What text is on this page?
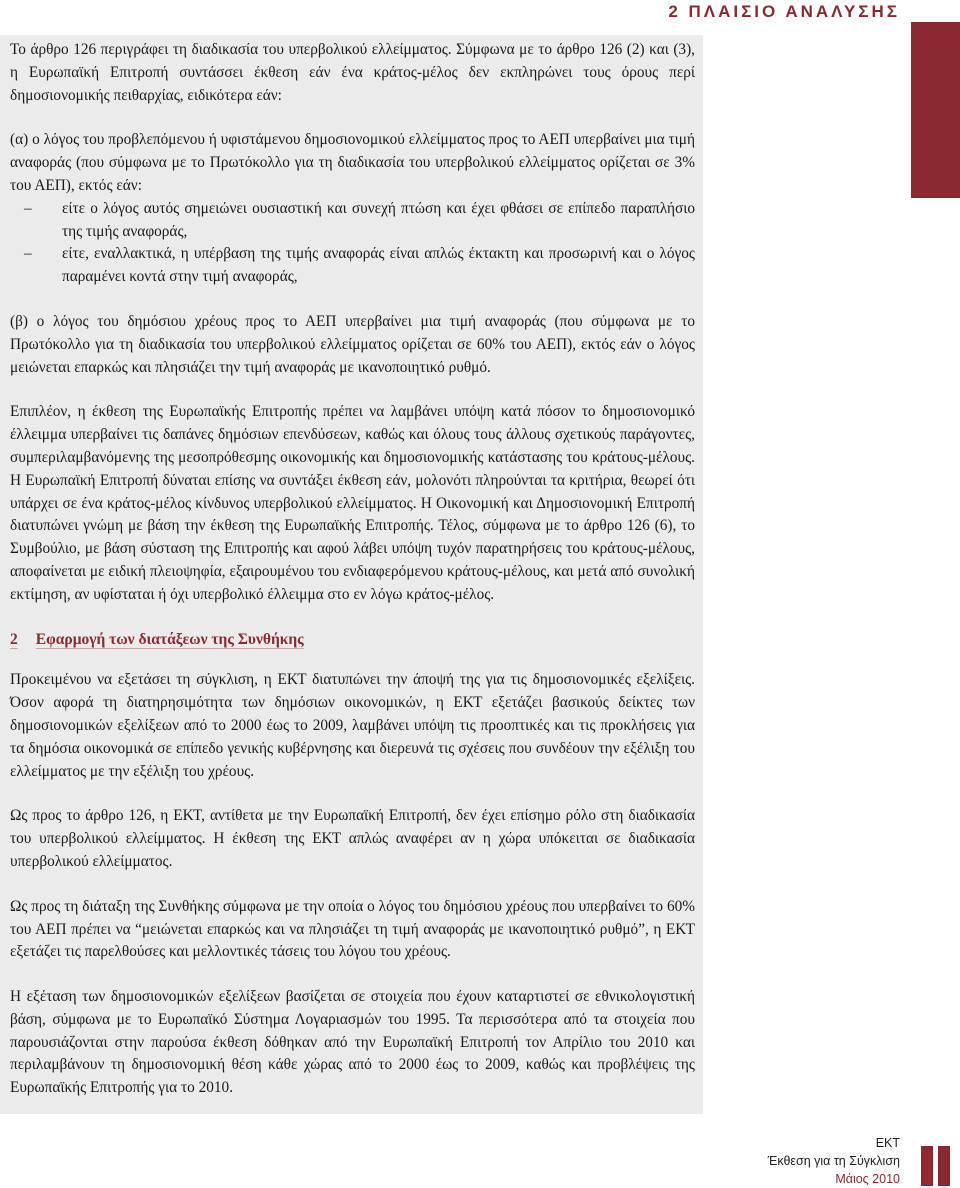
2 ΠΛΑΙΣΙΟ ΑΝΑΛΥΣΗΣ

Το άρθρο 126 περιγράφει τη διαδικασία του υπερβολικού ελλείμματος. Σύμφωνα με το άρθρο 126 (2) και (3), η Ευρωπαϊκή Επιτροπή συντάσσει έκθεση εάν ένα κράτος-μέλος δεν εκπληρώνει τους όρους περί δημοσιονομικής πειθαρχίας, ειδικότερα εάν:

(α) ο λόγος του προβλεπόμενου ή υφιστάμενου δημοσιονομικού ελλείμματος προς το ΑΕΠ υπερβαίνει μια τιμή αναφοράς (που σύμφωνα με το Πρωτόκολλο για τη διαδικασία του υπερβολικού ελλείμματος ορίζεται σε 3% του ΑΕΠ), εκτός εάν:

–	είτε ο λόγος αυτός σημειώνει ουσιαστική και συνεχή πτώση και έχει φθάσει σε επίπεδο παραπλήσιο της τιμής αναφοράς,
–	είτε, εναλλακτικά, η υπέρβαση της τιμής αναφοράς είναι απλώς έκτακτη και προσωρινή και ο λόγος παραμένει κοντά στην τιμή αναφοράς,

(β) ο λόγος του δημόσιου χρέους προς το ΑΕΠ υπερβαίνει μια τιμή αναφοράς (που σύμφωνα με το Πρωτόκολλο για τη διαδικασία του υπερβολικού ελλείμματος ορίζεται σε 60% του ΑΕΠ), εκτός εάν ο λόγος μειώνεται επαρκώς και πλησιάζει την τιμή αναφοράς με ικανοποιητικό ρυθμό.

Επιπλέον, η έκθεση της Ευρωπαϊκής Επιτροπής πρέπει να λαμβάνει υπόψη κατά πόσον το δημοσιονομικό έλλειμμα υπερβαίνει τις δαπάνες δημόσιων επενδύσεων, καθώς και όλους τους άλλους σχετικούς παράγοντες, συμπεριλαμβανόμενης της μεσοπρόθεσμης οικονομικής και δημοσιονομικής κατάστασης του κράτους-μέλους. Η Ευρωπαϊκή Επιτροπή δύναται επίσης να συντάξει έκθεση εάν, μολονότι πληρούνται τα κριτήρια, θεωρεί ότι υπάρχει σε ένα κράτος-μέλος κίνδυνος υπερβολικού ελλείμματος. Η Οικονομική και Δημοσιονομική Επιτροπή διατυπώνει γνώμη με βάση την έκθεση της Ευρωπαϊκής Επιτροπής. Τέλος, σύμφωνα με το άρθρο 126 (6), το Συμβούλιο, με βάση σύσταση της Επιτροπής και αφού λάβει υπόψη τυχόν παρατηρήσεις του κράτους-μέλους, αποφαίνεται με ειδική πλειοψηφία, εξαιρουμένου του ενδιαφερόμενου κράτους-μέλους, και μετά από συνολική εκτίμηση, αν υφίσταται ή όχι υπερβολικό έλλειμμα στο εν λόγω κράτος-μέλος.

2 Εφαρμογή των διατάξεων της Συνθήκης

Προκειμένου να εξετάσει τη σύγκλιση, η ΕΚΤ διατυπώνει την άποψή της για τις δημοσιονομικές εξελίξεις. Όσον αφορά τη διατηρησιμότητα των δημόσιων οικονομικών, η ΕΚΤ εξετάζει βασικούς δείκτες των δημοσιονομικών εξελίξεων από το 2000 έως το 2009, λαμβάνει υπόψη τις προοπτικές και τις προκλήσεις για τα δημόσια οικονομικά σε επίπεδο γενικής κυβέρνησης και διερευνά τις σχέσεις που συνδέουν την εξέλιξη του ελλείμματος με την εξέλιξη του χρέους.

Ως προς το άρθρο 126, η ΕΚΤ, αντίθετα με την Ευρωπαϊκή Επιτροπή, δεν έχει επίσημο ρόλο στη διαδικασία του υπερβολικού ελλείμματος. Η έκθεση της ΕΚΤ απλώς αναφέρει αν η χώρα υπόκειται σε διαδικασία υπερβολικού ελλείμματος.

Ως προς τη διάταξη της Συνθήκης σύμφωνα με την οποία ο λόγος του δημόσιου χρέους που υπερβαίνει το 60% του ΑΕΠ πρέπει να “μειώνεται επαρκώς και να πλησιάζει τη τιμή αναφοράς με ικανοποιητικό ρυθμό”, η ΕΚΤ εξετάζει τις παρελθούσες και μελλοντικές τάσεις του λόγου του χρέους.

Η εξέταση των δημοσιονομικών εξελίξεων βασίζεται σε στοιχεία που έχουν καταρτιστεί σε εθνικολογιστική βάση, σύμφωνα με το Ευρωπαϊκό Σύστημα Λογαριασμών του 1995. Τα περισσότερα από τα στοιχεία που παρουσιάζονται στην παρούσα έκθεση δόθηκαν από την Ευρωπαϊκή Επιτροπή τον Απρίλιο του 2010 και περιλαμβάνουν τη δημοσιονομική θέση κάθε χώρας από το 2000 έως το 2009, καθώς και προβλέψεις της Ευρωπαϊκής Επιτροπής για το 2010.

ΕΚΤ
Έκθεση για τη Σύγκλιση
Μάιος 2010
